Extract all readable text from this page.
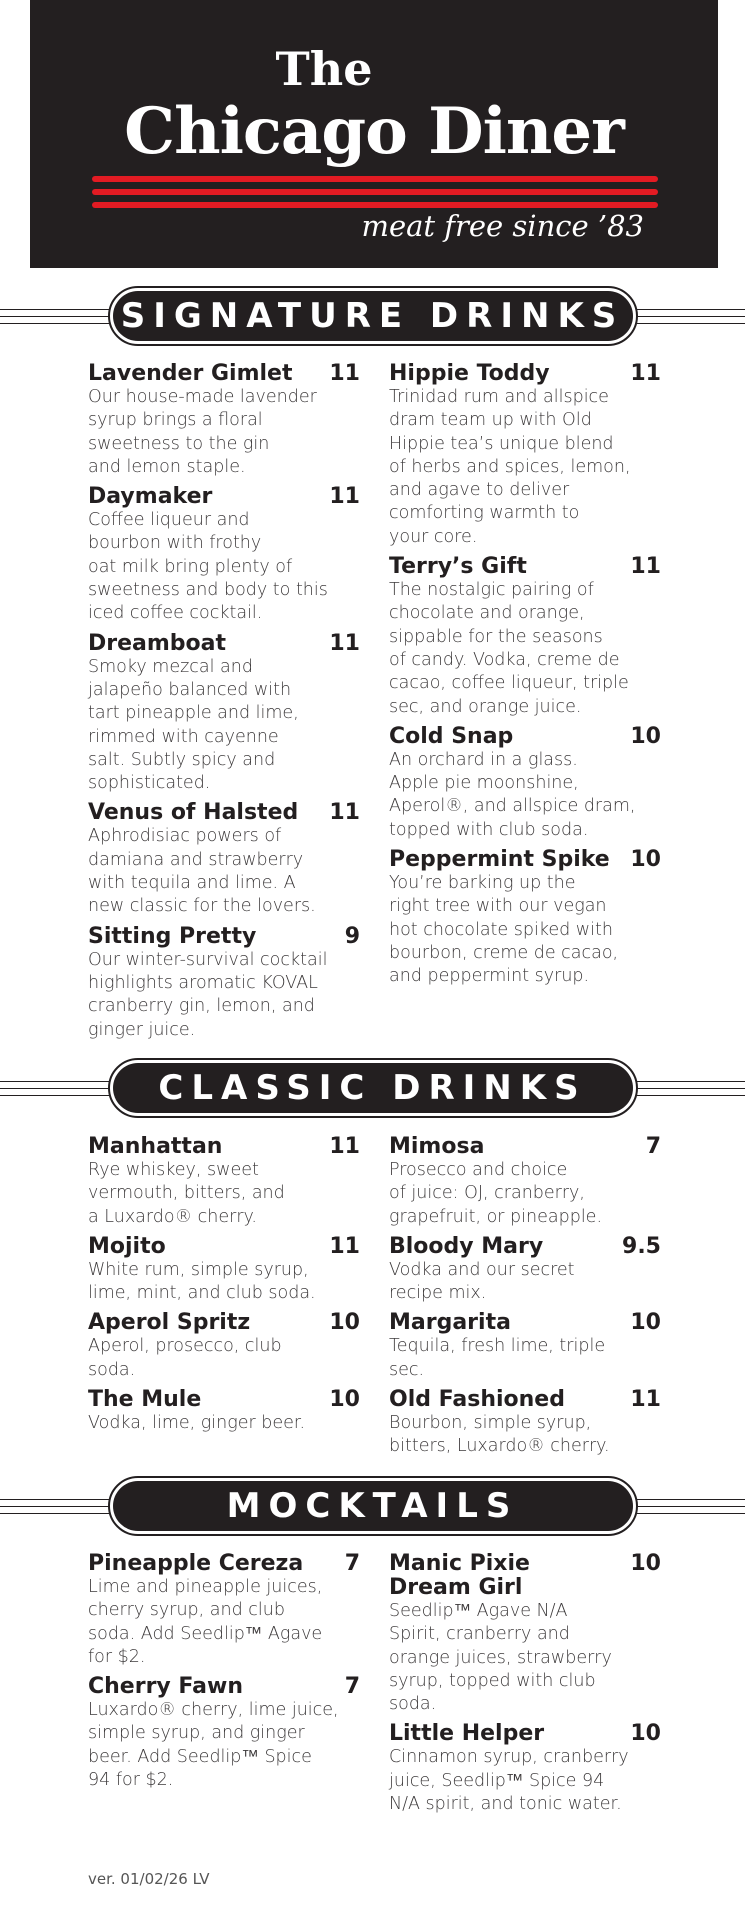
The
Chicago Diner
meat free since ’83
SIGNATURE DRINKS
Lavender Gimlet 11
Our house-made lavender
syrup brings a floral
sweetness to the gin
and lemon staple.
Daymaker	11
Coffee liqueur and
bourbon with frothy
oat milk bring plenty of
sweetness and body to this
iced coffee cocktail.
Dreamboat	11
Smoky mezcal and
jalapeño balanced with
tart pineapple and lime,
rimmed with cayenne
salt. Subtly spicy and
sophisticated.
Venus of Halsted 11
Aphrodisiac powers of
damiana and strawberry
with tequila and lime. A
new classic for the lovers.
Sitting Pretty	9
Our winter-survival cocktail
highlights aromatic KOVAL
cranberry gin, lemon, and
ginger juice.
Hippie Toddy	11
Trinidad rum and allspice
dram team up with Old
Hippie tea’s unique blend
of herbs and spices, lemon,
and agave to deliver
comforting warmth to
your core.
Terry’s Gift	11
The nostalgic pairing of
chocolate and orange,
sippable for the seasons
of candy. Vodka, creme de
cacao, coffee liqueur, triple
sec, and orange juice.
Cold Snap	10
An orchard in a glass.
Apple pie moonshine,
Aperol®, and allspice dram,
topped with club soda.
Peppermint Spike 10
You’re barking up the
right tree with our vegan
hot chocolate spiked with
bourbon, creme de cacao,
and peppermint syrup.
CLASSIC DRINKS
Manhattan	11
Rye whiskey, sweet
vermouth, bitters, and
a Luxardo® cherry.
Mojito	11
White rum, simple syrup,
lime, mint, and club soda.
Aperol Spritz	10
Aperol, prosecco, club
soda.
The Mule	10
Vodka, lime, ginger beer.
Mimosa	7
Prosecco and choice
of juice: OJ, cranberry,
grapefruit, or pineapple.
Bloody Mary	9.5
Vodka and our secret
recipe mix.
Margarita	10
Tequila, fresh lime, triple
sec.
Old Fashioned	11
Bourbon, simple syrup,
bitters, Luxardo® cherry.
MOCKTAILS
Pineapple Cereza 7
Lime and pineapple juices,
cherry syrup, and club
soda. Add Seedlip™ Agave
for $2.
Cherry Fawn	7
Luxardo® cherry, lime juice,
simple syrup, and ginger
beer. Add Seedlip™ Spice
94 for $2.
Manic Pixie
Dream Girl
10
Seedlip™ Agave N/A
Spirit, cranberry and
orange juices, strawberry
syrup, topped with club
soda.
Little Helper	10
Cinnamon syrup, cranberry
juice, Seedlip™ Spice 94
N/A spirit, and tonic water.
ver. 01/02/26 LV
